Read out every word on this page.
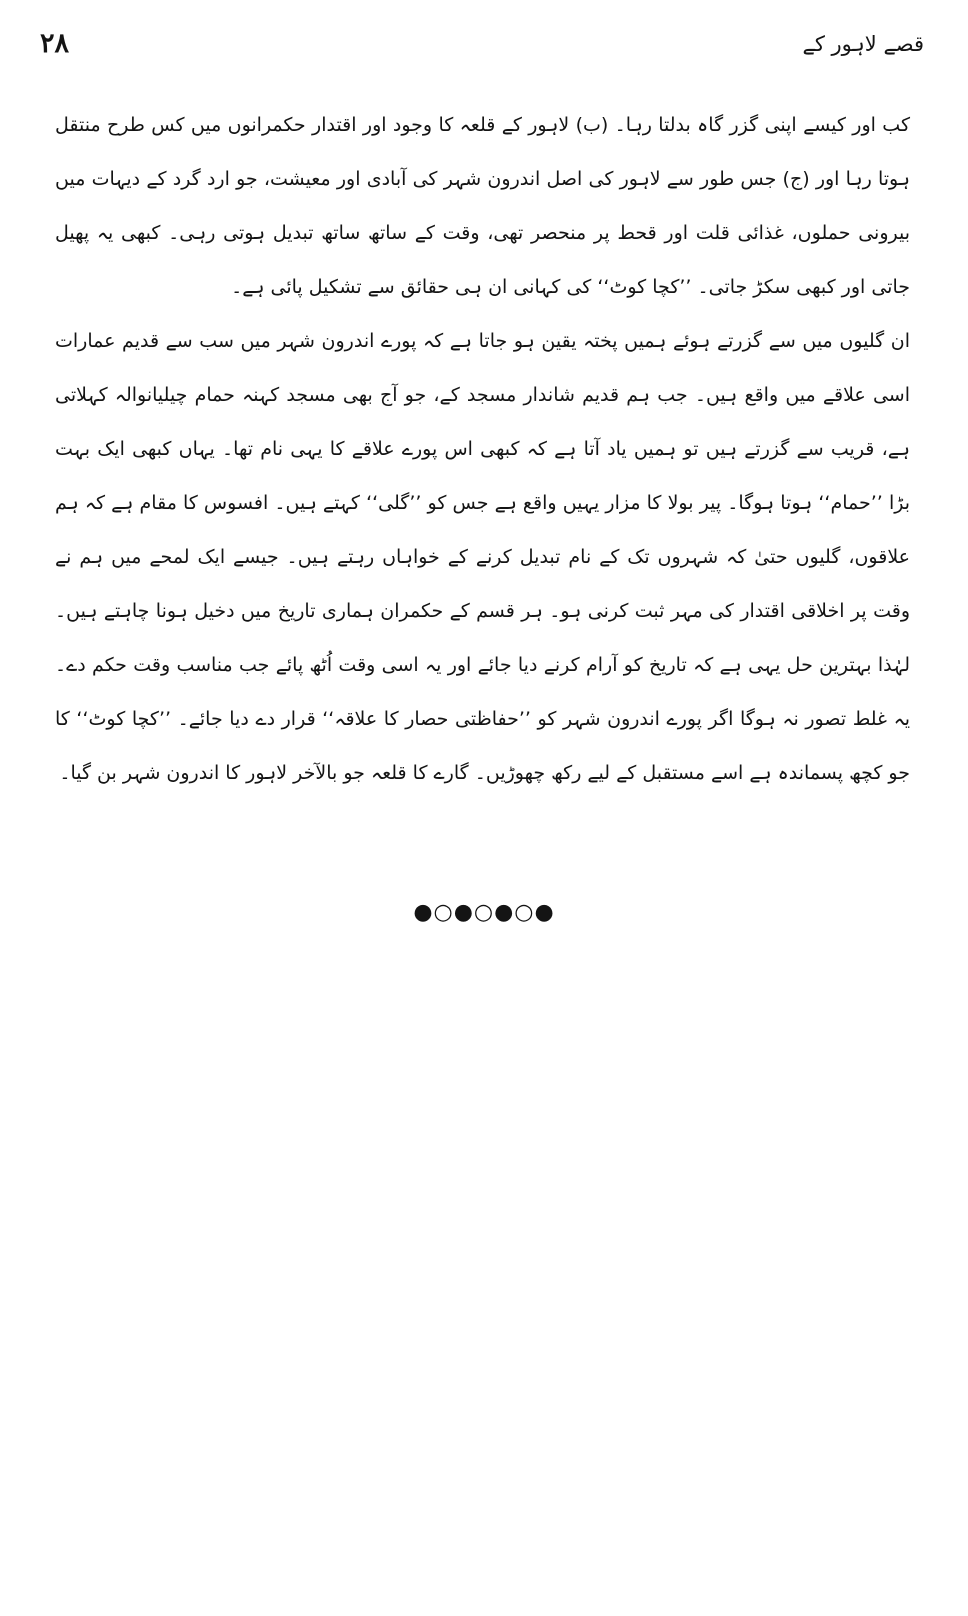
۲۸	قصے لاہور کے

کب اور کیسے اپنی گزر گاہ بدلتا رہا۔ (ب) لاہور کے قلعہ کا وجود اور اقتدار حکمرانوں میں کس طرح منتقل ہوتا رہا اور (ج) جس طور سے لاہور کی اصل اندرون شہر کی آبادی اور معیشت، جو ارد گرد کے دیہات میں بیرونی حملوں، غذائی قلت اور قحط پر منحصر تھی، وقت کے ساتھ ساتھ تبدیل ہوتی رہی۔ کبھی یہ پھیل جاتی اور کبھی سکڑ جاتی۔ ’’کچا کوٹ‘‘ کی کہانی ان ہی حقائق سے تشکیل پائی ہے۔

ان گلیوں میں سے گزرتے ہوئے ہمیں پختہ یقین ہو جاتا ہے کہ پورے اندرون شہر میں سب سے قدیم عمارات اسی علاقے میں واقع ہیں۔ جب ہم قدیم شاندار مسجد کے، جو آج بھی مسجد کہنہ حمام چیلیانوالہ کہلاتی ہے، قریب سے گزرتے ہیں تو ہمیں یاد آتا ہے کہ کبھی اس پورے علاقے کا یہی نام تھا۔ یہاں کبھی ایک بہت بڑا ’’حمام‘‘ ہوتا ہوگا۔ پیر بولا کا مزار یہیں واقع ہے جس کو ’’گلی‘‘ کہتے ہیں۔ افسوس کا مقام ہے کہ ہم علاقوں، گلیوں حتیٰ کہ شہروں تک کے نام تبدیل کرنے کے خواہاں رہتے ہیں۔ جیسے ایک لمحے میں ہم نے وقت پر اخلاقی اقتدار کی مہر ثبت کرنی ہو۔ ہر قسم کے حکمران ہماری تاریخ میں دخیل ہونا چاہتے ہیں۔ لہٰذا بہترین حل یہی ہے کہ تاریخ کو آرام کرنے دیا جائے اور یہ اسی وقت اُٹھ پائے جب مناسب وقت حکم دے۔ یہ غلط تصور نہ ہوگا اگر پورے اندرون شہر کو ’’حفاظتی حصار کا علاقہ‘‘ قرار دے دیا جائے۔ ’’کچا کوٹ‘‘ کا جو کچھ پسماندہ ہے اسے مستقبل کے لیے رکھ چھوڑیں۔ گارے کا قلعہ جو بالآخر لاہور کا اندرون شہر بن گیا۔

●○●○●○●
